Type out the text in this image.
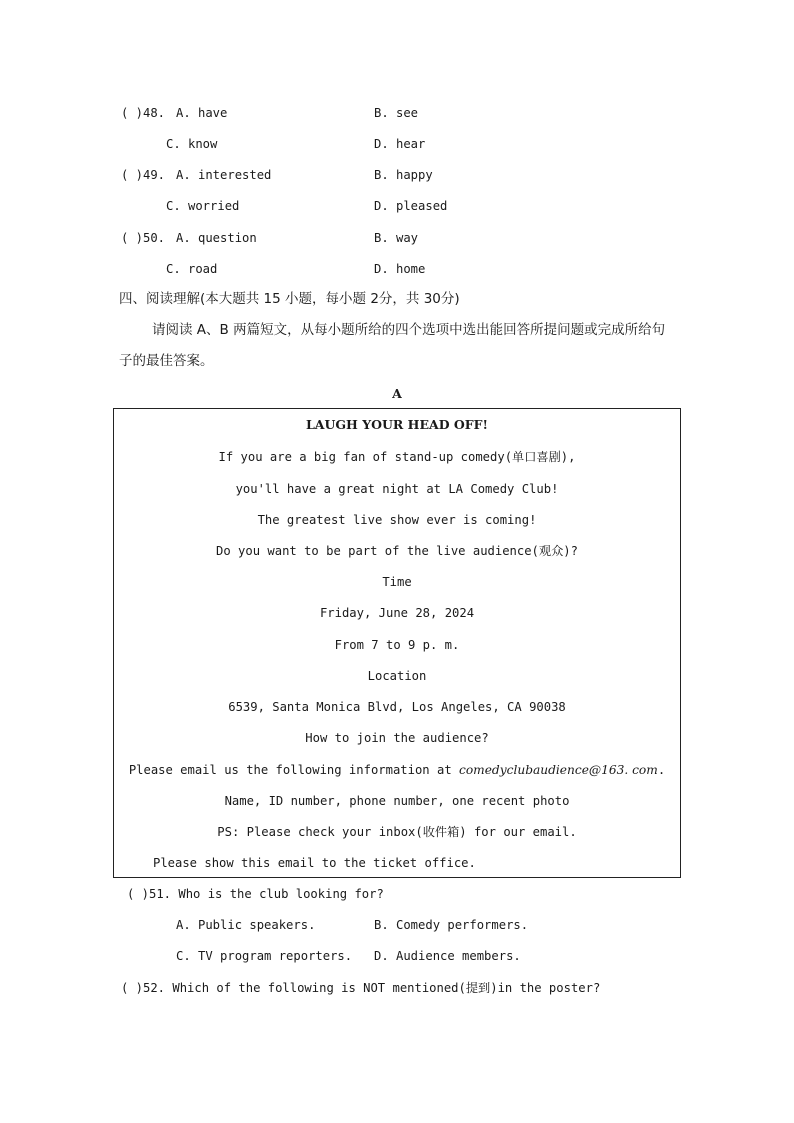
( )48. A. have	B. see
C. know	D. hear
( )49. A. interested	B. happy
C. worried	D. pleased
( )50. A. question	B. way
C. road	D. home
四、阅读理解(本大题共 15 小题，每小题 2分，共 30分)
请阅读 A、B 两篇短文，从每小题所给的四个选项中选出能回答所提问题或完成所给句
子的最佳答案。
A
LAUGH YOUR HEAD OFF!
If you are a big fan of stand-up comedy(单口喜剧),
you'll have a great night at LA Comedy Club!
The greatest live show ever is coming!
Do you want to be part of the live audience(观众)?
Time
Friday, June 28, 2024
From 7 to 9 p. m.
Location
6539, Santa Monica Blvd, Los Angeles, CA 90038
How to join the audience?
Please email us the following information at comedyclubaudience@163. com.
Name, ID number, phone number, one recent photo
PS: Please check your inbox(收件箱) for our email.
Please show this email to the ticket office.
( )51. Who is the club looking for?
A. Public speakers.	B. Comedy performers.
C. TV program reporters. D. Audience members.
( )52. Which of the following is NOT mentioned(提到)in the poster?
